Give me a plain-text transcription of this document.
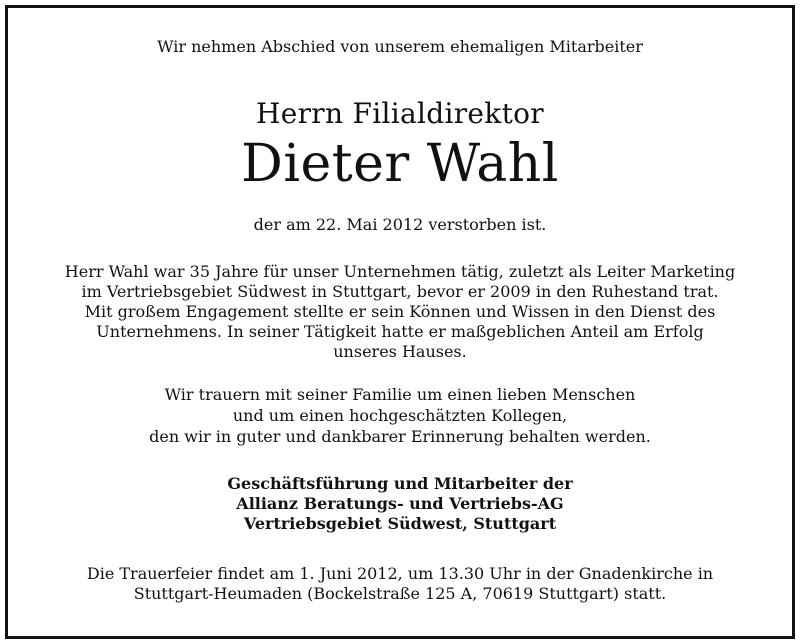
Wir nehmen Abschied von unserem ehemaligen Mitarbeiter
Herrn Filialdirektor
Dieter Wahl
der am 22. Mai 2012 verstorben ist.
Herr Wahl war 35 Jahre für unser Unternehmen tätig, zuletzt als Leiter Marketing
im Vertriebsgebiet Südwest in Stuttgart, bevor er 2009 in den Ruhestand trat.
Mit großem Engagement stellte er sein Können und Wissen in den Dienst des
Unternehmens. In seiner Tätigkeit hatte er maßgeblichen Anteil am Erfolg
unseres Hauses.
Wir trauern mit seiner Familie um einen lieben Menschen
und um einen hochgeschätzten Kollegen,
den wir in guter und dankbarer Erinnerung behalten werden.
Geschäftsführung und Mitarbeiter der
Allianz Beratungs- und Vertriebs-AG
Vertriebsgebiet Südwest, Stuttgart
Die Trauerfeier findet am 1. Juni 2012, um 13.30 Uhr in der Gnadenkirche in
Stuttgart-Heumaden (Bockelstraße 125 A, 70619 Stuttgart) statt.
